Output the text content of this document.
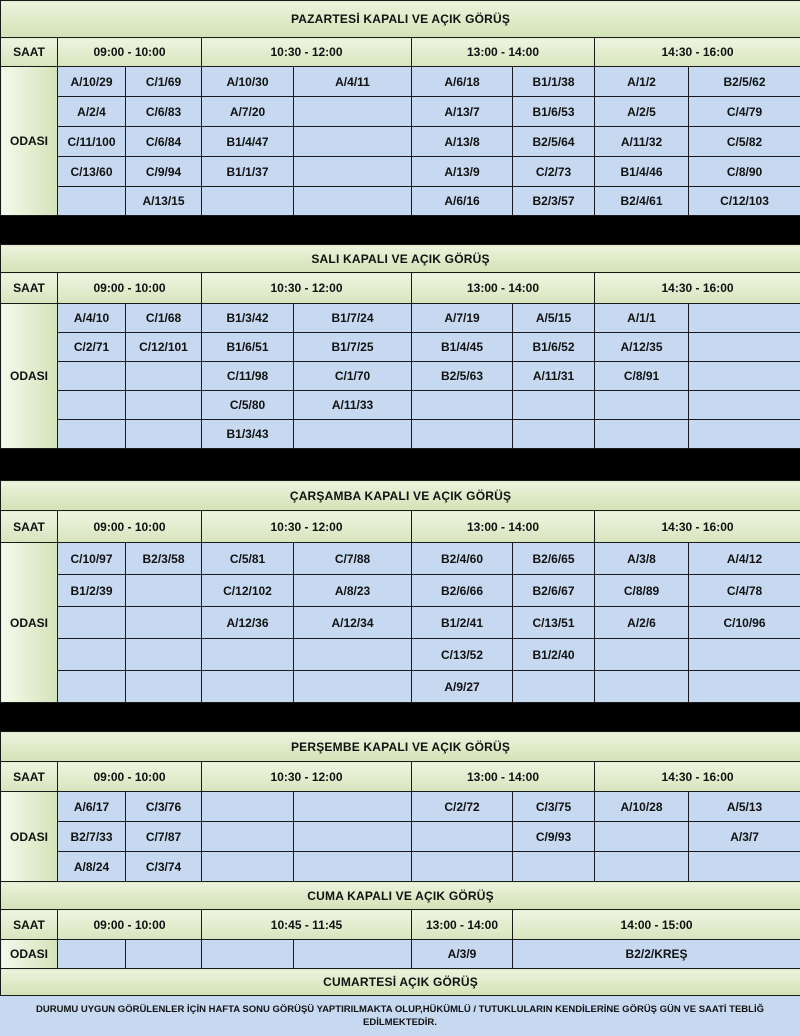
PAZARTESİ KAPALI VE AÇIK GÖRÜŞ								
SAAT	09:00 - 10:00		10:30 - 12:00		13:00 - 14:00		14:30 - 16:00	
ODASI	A/10/29	C/1/69	A/10/30	A/4/11	A/6/18	B1/1/38	A/1/2	B2/5/62
	A/2/4	C/6/83	A/7/20		A/13/7	B1/6/53	A/2/5	C/4/79
	C/11/100	C/6/84	B1/4/47		A/13/8	B2/5/64	A/11/32	C/5/82
	C/13/60	C/9/94	B1/1/37		A/13/9	C/2/73	B1/4/46	C/8/90
		A/13/15			A/6/16	B2/3/57	B2/4/61	C/12/103
SALI KAPALI VE AÇIK GÖRÜŞ								
SAAT	09:00 - 10:00		10:30 - 12:00		13:00 - 14:00		14:30 - 16:00	
ODASI	A/4/10	C/1/68	B1/3/42	B1/7/24	A/7/19	A/5/15	A/1/1	
	C/2/71	C/12/101	B1/6/51	B1/7/25	B1/4/45	B1/6/52	A/12/35	
			C/11/98	C/1/70	B2/5/63	A/11/31	C/8/91	
			C/5/80	A/11/33				
			B1/3/43					
ÇARŞAMBA KAPALI VE AÇIK GÖRÜŞ								
SAAT	09:00 - 10:00		10:30 - 12:00		13:00 - 14:00		14:30 - 16:00	
ODASI	C/10/97	B2/3/58	C/5/81	C/7/88	B2/4/60	B2/6/65	A/3/8	A/4/12
	B1/2/39		C/12/102	A/8/23	B2/6/66	B2/6/67	C/8/89	C/4/78
			A/12/36	A/12/34	B1/2/41	C/13/51	A/2/6	C/10/96
					C/13/52	B1/2/40		
					A/9/27			
PERŞEMBE KAPALI VE AÇIK GÖRÜŞ								
SAAT	09:00 - 10:00		10:30 - 12:00		13:00 - 14:00		14:30 - 16:00	
ODASI	A/6/17	C/3/76			C/2/72	C/3/75	A/10/28	A/5/13
	B2/7/33	C/7/87				C/9/93		A/3/7
	A/8/24	C/3/74						
CUMA KAPALI VE AÇIK GÖRÜŞ								
SAAT	09:00 - 10:00		10:45 - 11:45		13:00 - 14:00	14:00 - 15:00		
ODASI					A/3/9	B2/2/KREŞ		
CUMARTESİ AÇIK GÖRÜŞ								
DURUMU UYGUN GÖRÜLENLER İÇİN HAFTA SONU GÖRÜŞÜ YAPTIRILMAKTA OLUP,HÜKÜMLÜ / TUTUKLULARIN KENDİLERİNE GÖRÜŞ GÜN VE SAATİ TEBLİĞ EDİLMEKTEDİR.
